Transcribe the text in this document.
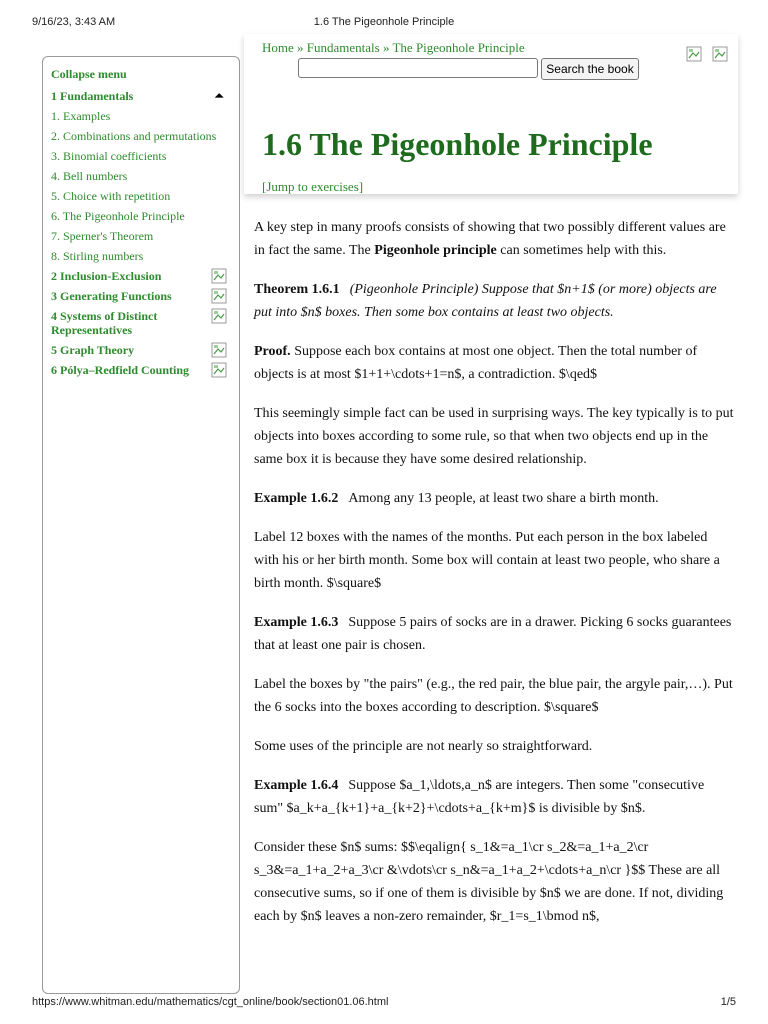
9/16/23, 3:43 AM	1.6 The Pigeonhole Principle
Collapse menu
1 Fundamentals	⏶
1. Examples
2. Combinations and permutations
3. Binomial coefficients
4. Bell numbers
5. Choice with repetition
6. The Pigeonhole Principle
7. Sperner's Theorem
8. Stirling numbers
2 Inclusion-Exclusion
3 Generating Functions
4 Systems of Distinct Representatives
5 Graph Theory
6 Pólya–Redfield Counting
Home » Fundamentals » The Pigeonhole Principle
Search the book

1.6 The Pigeonhole Principle
[Jump to exercises]

A key step in many proofs consists of showing that two possibly different values are in fact the same. The Pigeonhole principle can sometimes help with this.

Theorem 1.6.1 (Pigeonhole Principle) Suppose that $n+1$ (or more) objects are put into $n$ boxes. Then some box contains at least two objects.

Proof. Suppose each box contains at most one object. Then the total number of objects is at most $1+1+\cdots+1=n$, a contradiction. $\qed$

This seemingly simple fact can be used in surprising ways. The key typically is to put objects into boxes according to some rule, so that when two objects end up in the same box it is because they have some desired relationship.

Example 1.6.2 Among any 13 people, at least two share a birth month.

Label 12 boxes with the names of the months. Put each person in the box labeled with his or her birth month. Some box will contain at least two people, who share a birth month. $\square$

Example 1.6.3 Suppose 5 pairs of socks are in a drawer. Picking 6 socks guarantees that at least one pair is chosen.

Label the boxes by "the pairs" (e.g., the red pair, the blue pair, the argyle pair,…). Put the 6 socks into the boxes according to description. $\square$

Some uses of the principle are not nearly so straightforward.

Example 1.6.4 Suppose $a_1,\ldots,a_n$ are integers. Then some "consecutive sum" $a_k+a_{k+1}+a_{k+2}+\cdots+a_{k+m}$ is divisible by $n$.

Consider these $n$ sums: $$\eqalign{ s_1&=a_1\cr s_2&=a_1+a_2\cr s_3&=a_1+a_2+a_3\cr &\vdots\cr s_n&=a_1+a_2+\cdots+a_n\cr }$$ These are all consecutive sums, so if one of them is divisible by $n$ we are done. If not, dividing each by $n$ leaves a non-zero remainder, $r_1=s_1\bmod n$,

https://www.whitman.edu/mathematics/cgt_online/book/section01.06.html	1/5
